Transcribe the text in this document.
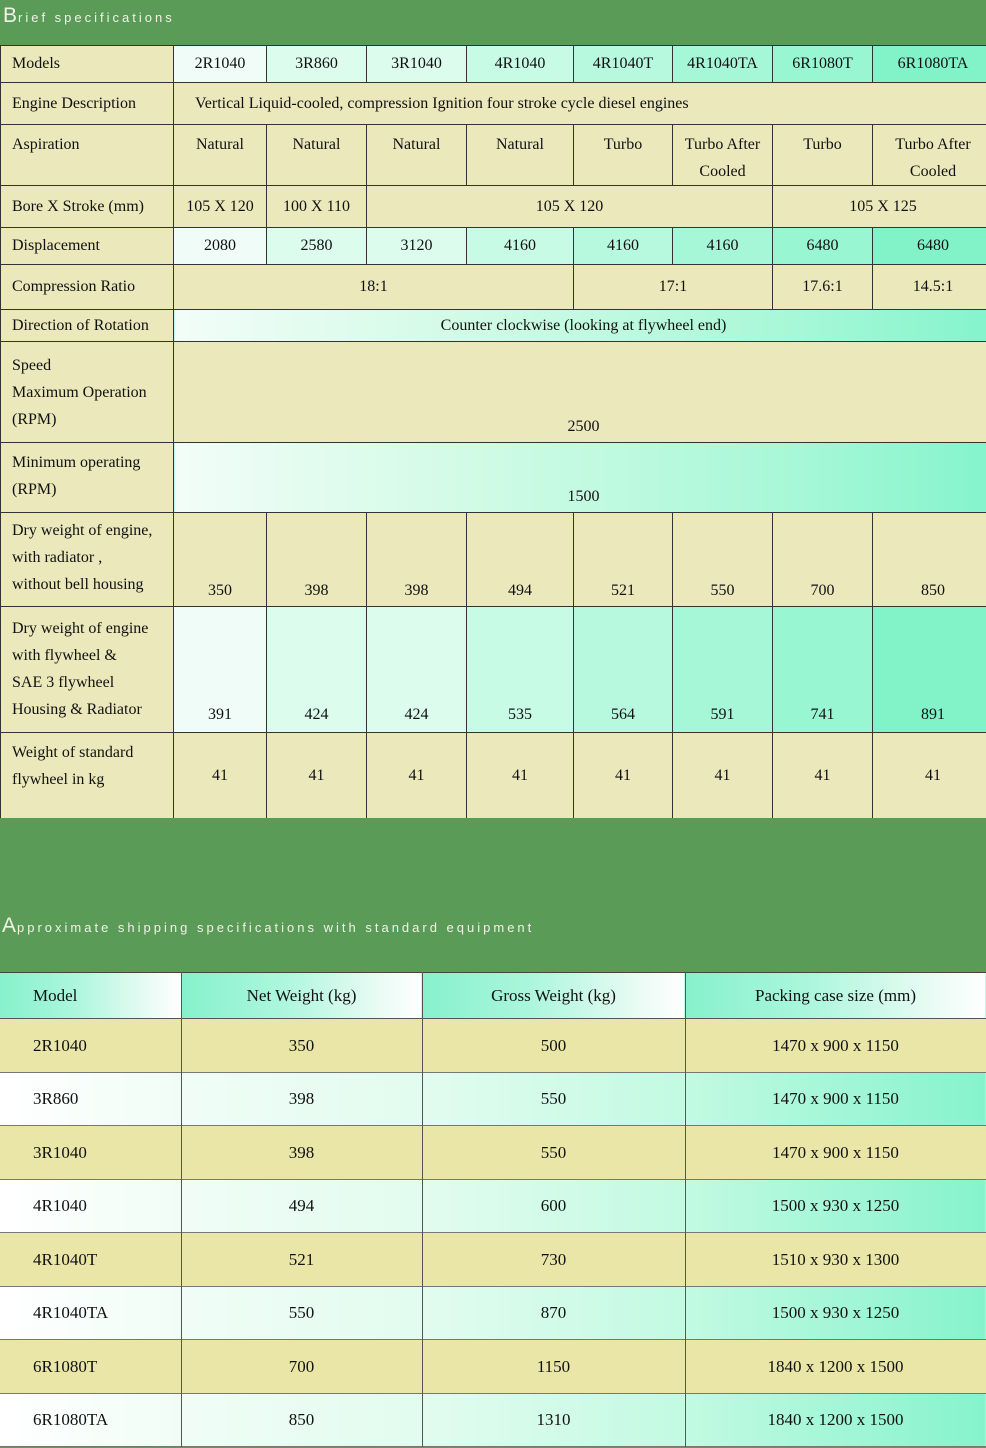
Brief specifications
Models	2R1040	3R860	3R1040	4R1040	4R1040T	4R1040TA	6R1080T	6R1080TA
Engine Description	Vertical Liquid-cooled, compression Ignition four stroke cycle diesel engines							
Aspiration	Natural	Natural	Natural	Natural	Turbo	Turbo After Cooled	Turbo	Turbo After Cooled
Bore X Stroke (mm)	105 X 120	100 X 110	105 X 120				105 X 125	
Displacement	2080	2580	3120	4160	4160	4160	6480	6480
Compression Ratio	18:1				17:1		17.6:1	14.5:1
Direction of Rotation	Counter clockwise (looking at flywheel end)							

Speed
Maximum Operation
(RPM)	2500							

Minimum operating
(RPM)	1500							

Dry weight of engine,
with radiator ,
without bell housing	350	398	398	494	521	550	700	850

Dry weight of engine
with flywheel &
SAE 3 flywheel
Housing & Radiator	391	424	424	535	564	591	741	891

Weight of standard
flywheel in kg	41	41	41	41	41	41	41	41
Approximate shipping specifications with standard equipment
Model	Net Weight (kg)	Gross Weight (kg)	Packing case size (mm)
2R1040	350	500	1470 x 900 x 1150
3R860	398	550	1470 x 900 x 1150
3R1040	398	550	1470 x 900 x 1150
4R1040	494	600	1500 x 930 x 1250
4R1040T	521	730	1510 x 930 x 1300
4R1040TA	550	870	1500 x 930 x 1250
6R1080T	700	1150	1840 x 1200 x 1500
6R1080TA	850	1310	1840 x 1200 x 1500
